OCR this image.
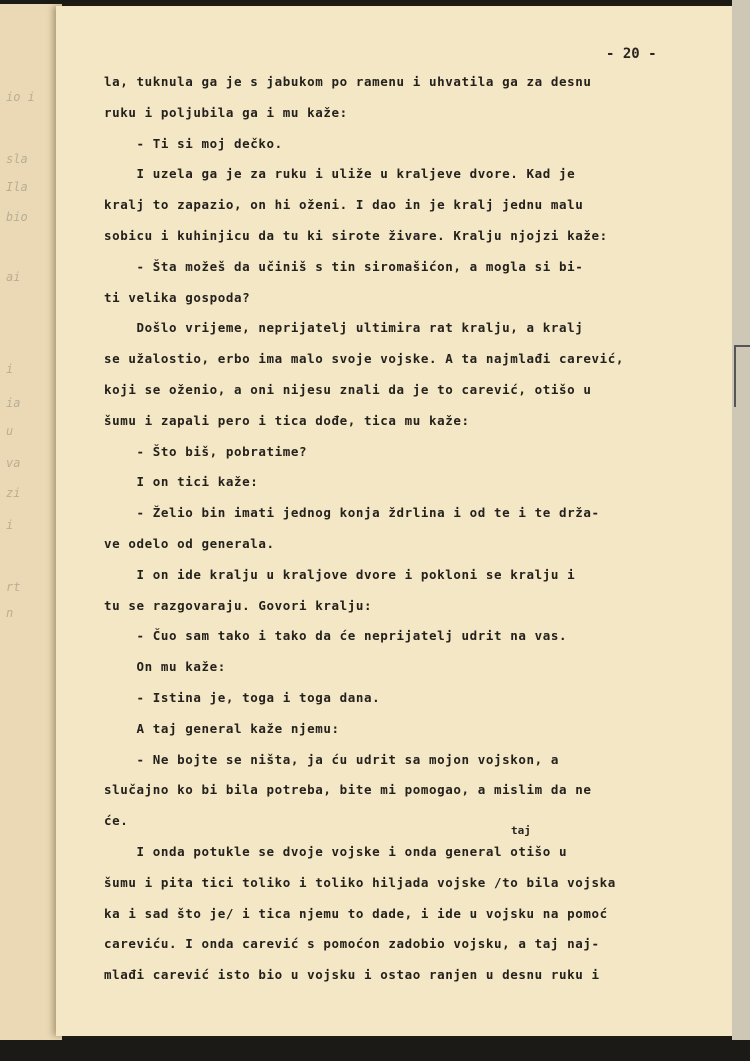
io i
sla
Ila
bio
ai
i
ia
u
va
zi
i
rt
n
- 20 -
la, tuknula ga je s jabukom po ramenu i uhvatila ga za desnu
ruku i poljubila ga i mu kaže:
- Ti si moj dečko.
I uzela ga je za ruku i uliže u kraljeve dvore. Kad je
kralj to zapazio, on hi oženi. I dao in je kralj jednu malu
sobicu i kuhinjicu da tu ki sirote živare. Kralju njojzi kaže:
- Šta možeš da učiniš s tin siromašićon, a mogla si bi-
ti velika gospoda?
Došlo vrijeme, neprijatelj ultimira rat kralju, a kralj
se užalostio, erbo ima malo svoje vojske. A ta najmlađi carević,
koji se oženio, a oni nijesu znali da je to carević, otišo u
šumu i zapali pero i tica dođe, tica mu kaže:
- Što biš, pobratime?
I on tici kaže:
- Želio bin imati jednog konja ždrlina i od te i te drža-
ve odelo od generala.
I on ide kralju u kraljove dvore i pokloni se kralju i
tu se razgovaraju. Govori kralju:
- Čuo sam tako i tako da će neprijatelj udrit na vas.
On mu kaže:
- Istina je, toga i toga dana.
A taj general kaže njemu:
- Ne bojte se ništa, ja ću udrit sa mojon vojskon, a
slučajno ko bi bila potreba, bite mi pomogao, a mislim da ne
će.
I onda potukle se dvoje vojske i onda general otišo u
šumu i pita tici toliko i toliko hiljada vojske /to bila vojska
ka i sad što je/ i tica njemu to dade, i ide u vojsku na pomoć
careviću. I onda carević s pomoćon zadobio vojsku, a taj naj-
mlađi carević isto bio u vojsku i ostao ranjen u desnu ruku i
taj
